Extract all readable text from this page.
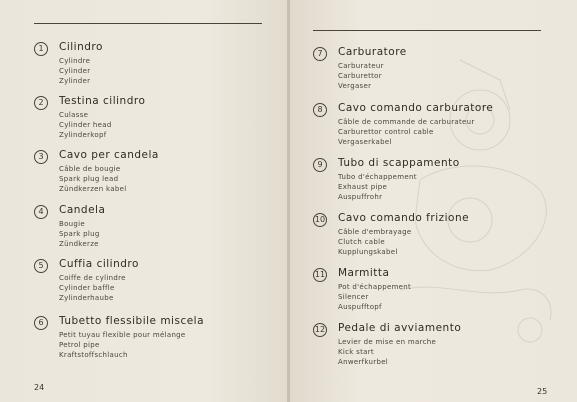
1	Cilindro
Cylindre
Cylinder
Zylinder
2	Testina cilindro
Culasse
Cylinder head
Zylinderkopf
3	Cavo per candela
Câble de bougie
Spark plug lead
Zündkerzen kabel
4	Candela
Bougie
Spark plug
Zündkerze
5	Cuffia cilindro
Coiffe de cylindre
Cylinder baffle
Zylinderhaube
6	Tubetto flessibile miscela
Petit tuyau flexible pour mélange
Petrol pipe
Kraftstoffschlauch
24
7	Carburatore
Carburateur
Carburettor
Vergaser
8	Cavo comando carburatore
Câble de commande de carburateur
Carburettor control cable
Vergaserkabel
9	Tubo di scappamento
Tubo d'échappement
Exhaust pipe
Auspuffrohr
10 Cavo comando frizione
Câble d'embrayage
Clutch cable
Kupplungskabel
11 Marmitta
Pot d'échappement
Silencer
Auspufftopf
12 Pedale di avviamento
Levier de mise en marche
Kick start
Anwerfkurbel
25
